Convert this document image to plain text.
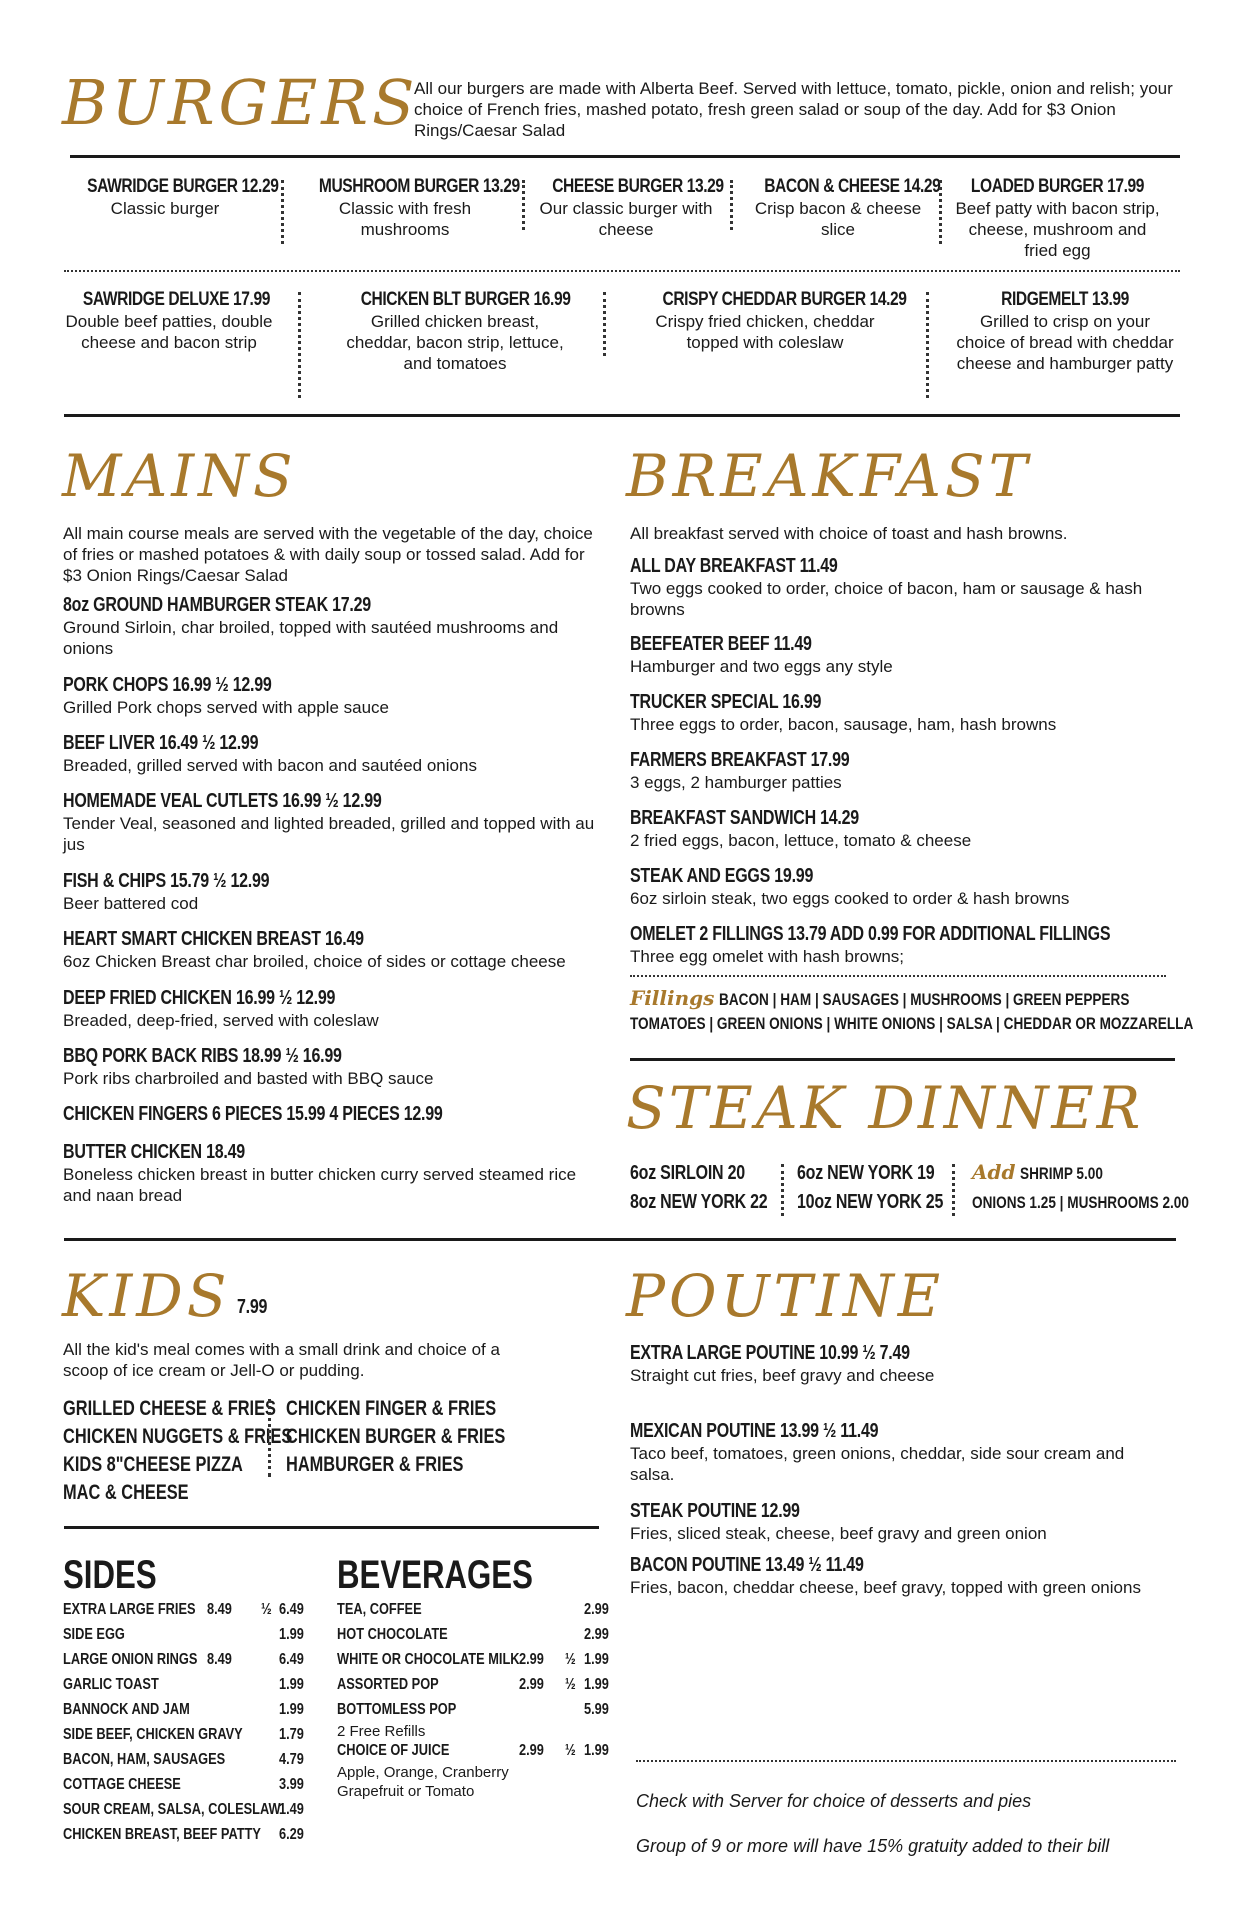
BURGERS
All our burgers are made with Alberta Beef. Served with lettuce, tomato, pickle, onion and relish; your choice of French fries, mashed potato, fresh green salad or soup of the day. Add for $3 Onion Rings/Caesar Salad
SAWRIDGE BURGER 12.29
Classic burger
MUSHROOM BURGER 13.29
Classic with fresh mushrooms
CHEESE BURGER 13.29
Our classic burger with cheese
BACON & CHEESE 14.29
Crisp bacon & cheese slice
LOADED BURGER 17.99
Beef patty with bacon strip, cheese, mushroom and fried egg
SAWRIDGE DELUXE 17.99
Double beef patties, double cheese and bacon strip
CHICKEN BLT BURGER 16.99
Grilled chicken breast, cheddar, bacon strip, lettuce, and tomatoes
CRISPY CHEDDAR BURGER 14.29
Crispy fried chicken, cheddar topped with coleslaw
RIDGEMELT 13.99
Grilled to crisp on your choice of bread with cheddar cheese and hamburger patty
MAINS
All main course meals are served with the vegetable of the day, choice of fries or mashed potatoes & with daily soup or tossed salad. Add for $3 Onion Rings/Caesar Salad
8oz GROUND HAMBURGER STEAK 17.29
Ground Sirloin, char broiled, topped with sautéed mushrooms and onions
PORK CHOPS 16.99 ½ 12.99
Grilled Pork chops served with apple sauce
BEEF LIVER 16.49 ½ 12.99
Breaded, grilled served with bacon and sautéed onions
HOMEMADE VEAL CUTLETS 16.99 ½ 12.99
Tender Veal, seasoned and lighted breaded, grilled and topped with au jus
FISH & CHIPS 15.79 ½ 12.99
Beer battered cod
HEART SMART CHICKEN BREAST 16.49
6oz Chicken Breast char broiled, choice of sides or cottage cheese
DEEP FRIED CHICKEN 16.99 ½ 12.99
Breaded, deep-fried, served with coleslaw
BBQ PORK BACK RIBS 18.99 ½ 16.99
Pork ribs charbroiled and basted with BBQ sauce
CHICKEN FINGERS 6 PIECES 15.99 4 PIECES 12.99
BUTTER CHICKEN 18.49
Boneless chicken breast in butter chicken curry served steamed rice and naan bread
BREAKFAST
All breakfast served with choice of toast and hash browns.
ALL DAY BREAKFAST 11.49
Two eggs cooked to order, choice of bacon, ham or sausage & hash browns
BEEFEATER BEEF 11.49
Hamburger and two eggs any style
TRUCKER SPECIAL 16.99
Three eggs to order, bacon, sausage, ham, hash browns
FARMERS BREAKFAST 17.99
3 eggs, 2 hamburger patties
BREAKFAST SANDWICH 14.29
2 fried eggs, bacon, lettuce, tomato & cheese
STEAK AND EGGS 19.99
6oz sirloin steak, two eggs cooked to order & hash browns
OMELET 2 FILLINGS 13.79 ADD 0.99 FOR ADDITIONAL FILLINGS
Three egg omelet with hash browns;
Fillings BACON | HAM | SAUSAGES | MUSHROOMS | GREEN PEPPERS
TOMATOES | GREEN ONIONS | WHITE ONIONS | SALSA | CHEDDAR OR MOZZARELLA
STEAK DINNER
6oz SIRLOIN 20
8oz NEW YORK 22
6oz NEW YORK 19
10oz NEW YORK 25
Add SHRIMP 5.00
ONIONS 1.25 | MUSHROOMS 2.00
KIDS 7.99
All the kid's meal comes with a small drink and choice of a scoop of ice cream or Jell-O or pudding.
GRILLED CHEESE & FRIES
CHICKEN NUGGETS & FRIES
KIDS 8"CHEESE PIZZA
MAC & CHEESE
CHICKEN FINGER & FRIES
CHICKEN BURGER & FRIES
HAMBURGER & FRIES
SIDES
EXTRA LARGE FRIES 8.49 ½ 6.49
SIDE EGG	1.99
LARGE ONION RINGS 8.49	6.49
GARLIC TOAST	1.99
BANNOCK AND JAM	1.99
SIDE BEEF, CHICKEN GRAVY 1.79
BACON, HAM, SAUSAGES	4.79
COTTAGE CHEESE	3.99
SOUR CREAM, SALSA, COLESLAW
1.49
CHICKEN BREAST, BEEF PATTY 6.29
BEVERAGES
TEA, COFFEE	2.99
HOT CHOCOLATE	2.99
WHITE OR CHOCOLATE MILK 2.99 ½ 1.99
ASSORTED POP	2.99 ½ 1.99
BOTTOMLESS POP	5.99
2 Free Refills
CHOICE OF JUICE	2.99 ½ 1.99
Apple, Orange, Cranberry Grapefruit or Tomato
POUTINE
EXTRA LARGE POUTINE 10.99 ½ 7.49
Straight cut fries, beef gravy and cheese
MEXICAN POUTINE 13.99 ½ 11.49
Taco beef, tomatoes, green onions, cheddar, side sour cream and salsa.
STEAK POUTINE 12.99
Fries, sliced steak, cheese, beef gravy and green onion
BACON POUTINE 13.49 ½ 11.49
Fries, bacon, cheddar cheese, beef gravy, topped with green onions
Check with Server for choice of desserts and pies
Group of 9 or more will have 15% gratuity added to their bill
